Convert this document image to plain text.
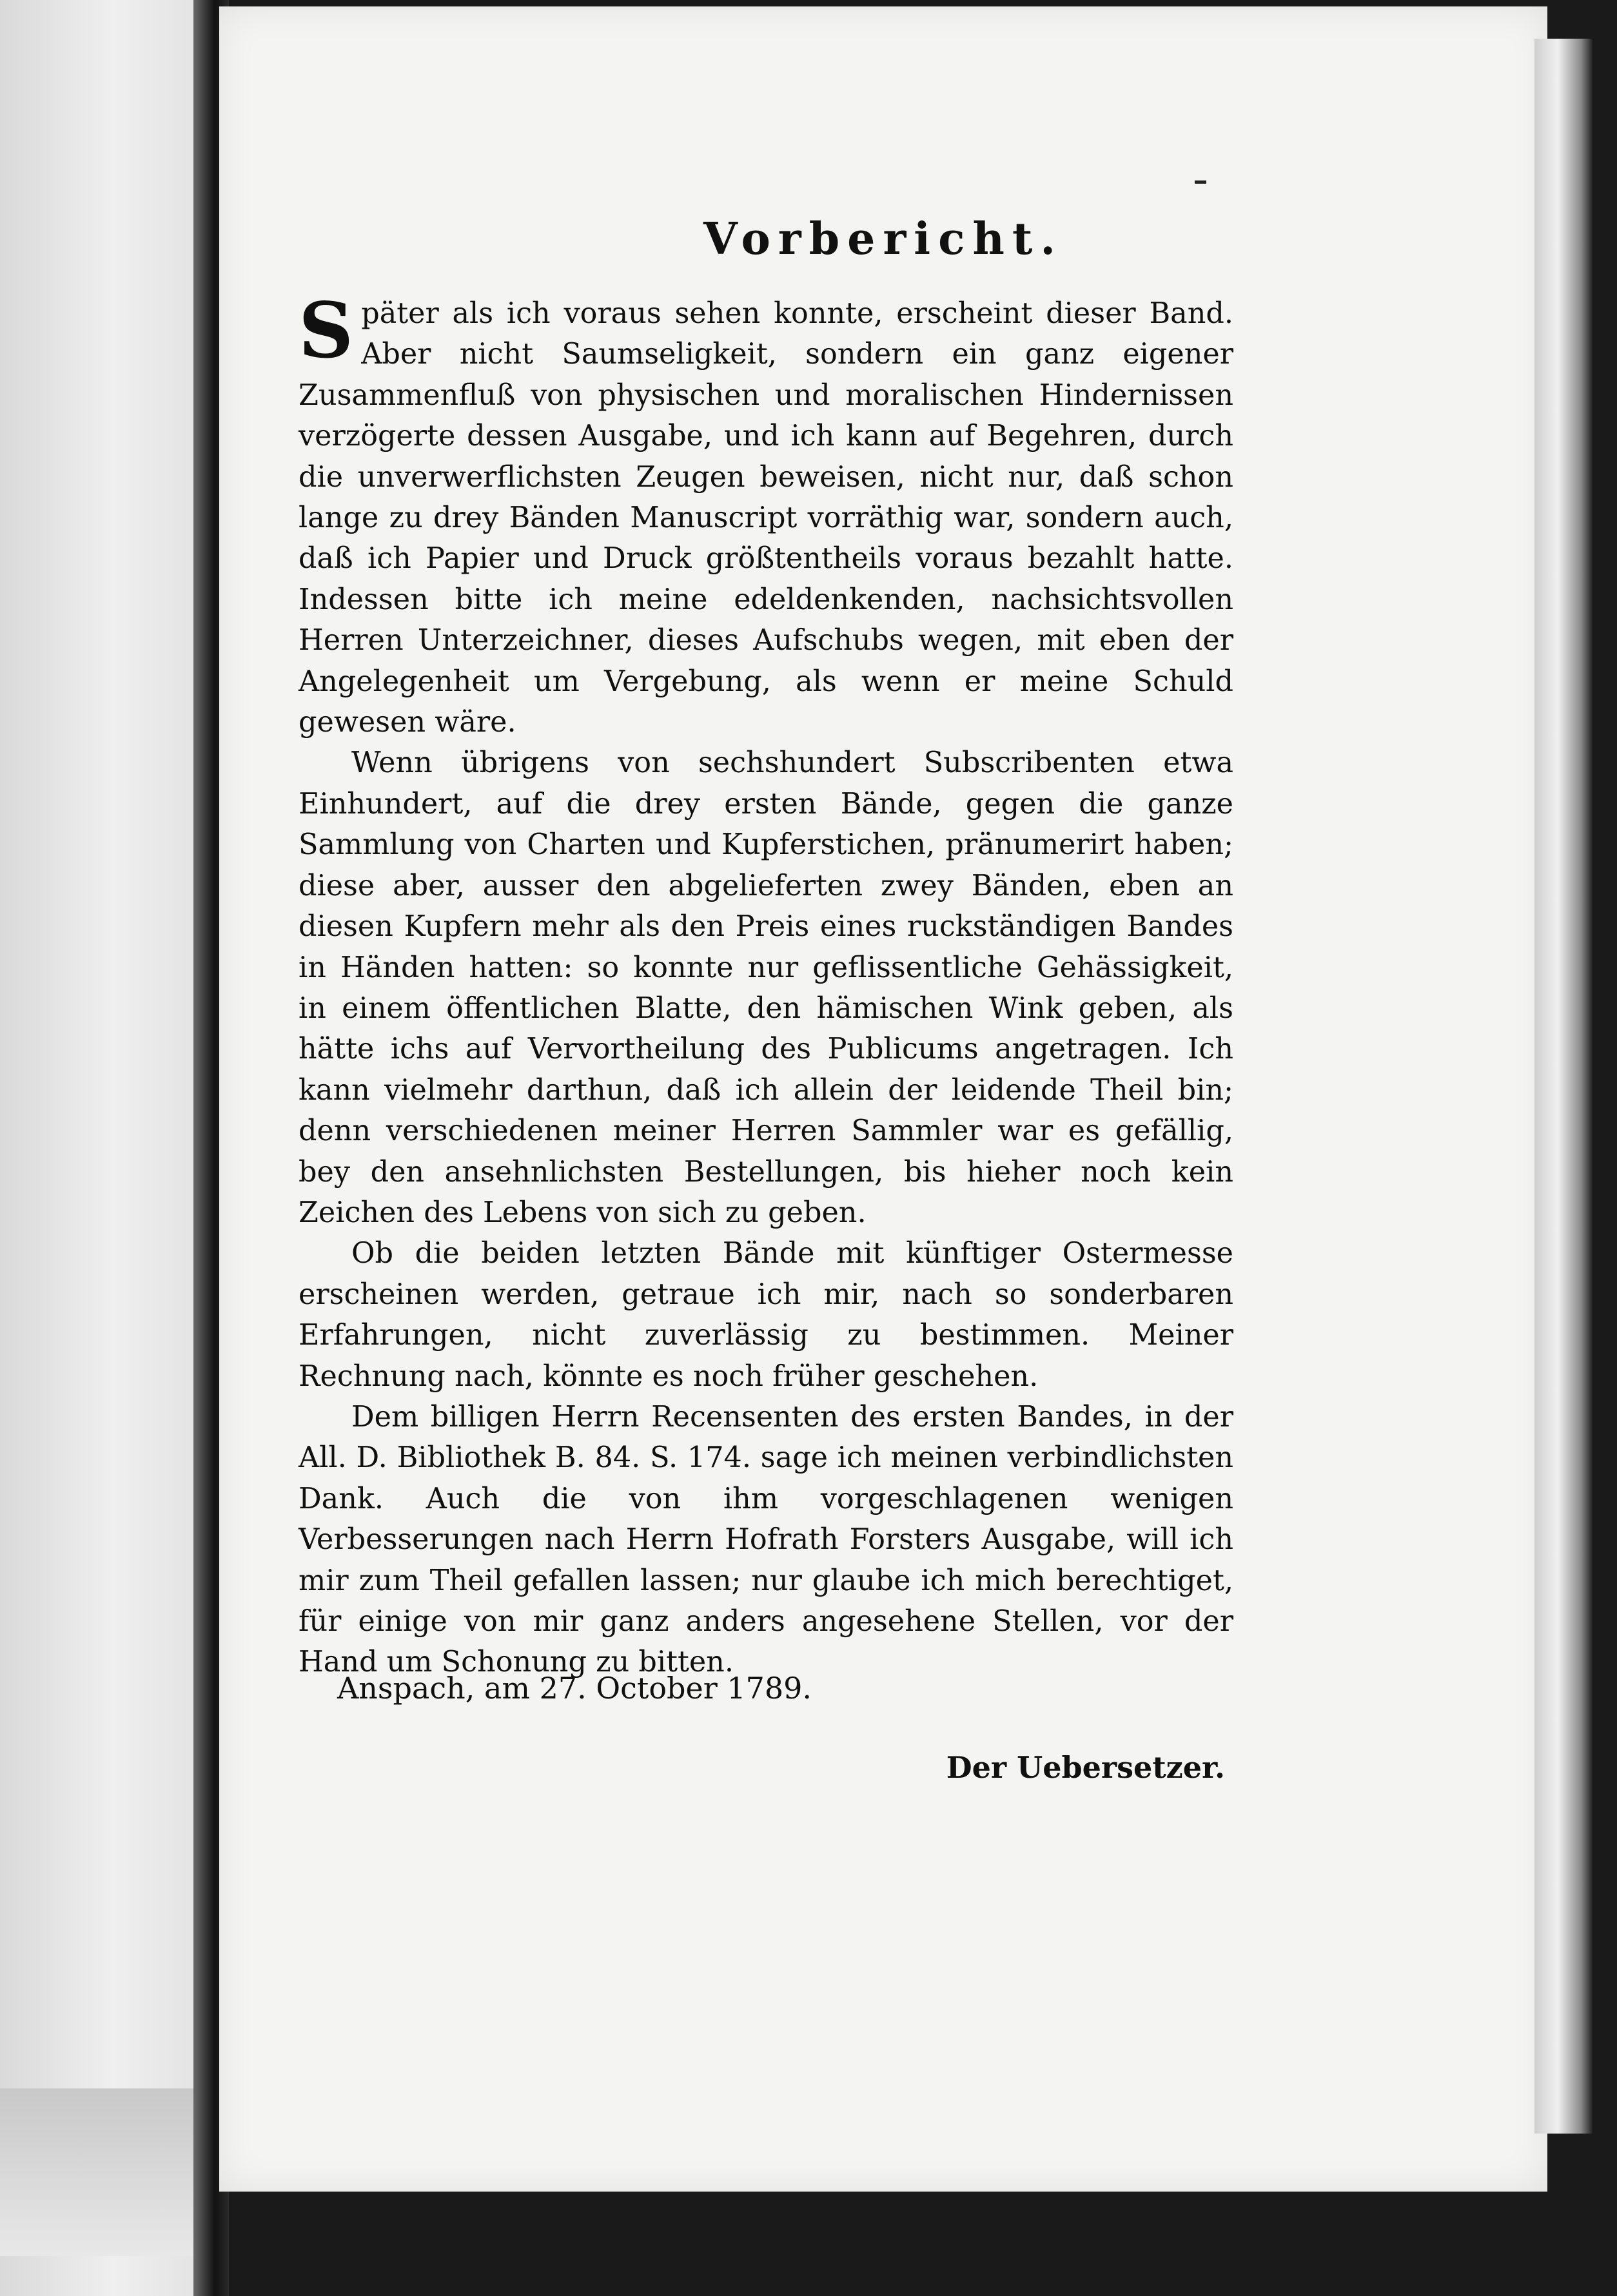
Vorbericht.

S päter als ich voraus sehen konnte, erscheint dieser Band. Aber nicht Saumseligkeit, sondern ein ganz eigener Zusammenfluß von physischen und moralischen Hindernissen verzögerte dessen Ausgabe, und ich kann auf Begehren, durch die unverwerflichsten Zeugen beweisen, nicht nur, daß schon lange zu drey Bänden Manuscript vorräthig war, sondern auch, daß ich Papier und Druck größtentheils voraus bezahlt hatte. Indessen bitte ich meine edeldenkenden, nachsichtsvollen Herren Unterzeichner, dieses Aufschubs wegen, mit eben der Angelegenheit um Vergebung, als wenn er meine Schuld gewesen wäre.

Wenn übrigens von sechshundert Subscribenten etwa Einhundert, auf die drey ersten Bände, gegen die ganze Sammlung von Charten und Kupferstichen, pränumerirt haben; diese aber, ausser den abgelieferten zwey Bänden, eben an diesen Kupfern mehr als den Preis eines ruckständigen Bandes in Händen hatten: so konnte nur geflissentliche Gehässigkeit, in einem öffentlichen Blatte, den hämischen Wink geben, als hätte ichs auf Vervortheilung des Publicums angetragen. Ich kann vielmehr darthun, daß ich allein der leidende Theil bin; denn verschiedenen meiner Herren Sammler war es gefällig, bey den ansehnlichsten Bestellungen, bis hieher noch kein Zeichen des Lebens von sich zu geben.

Ob die beiden letzten Bände mit künftiger Ostermesse erscheinen werden, getraue ich mir, nach so sonderbaren Erfahrungen, nicht zuverlässig zu bestimmen. Meiner Rechnung nach, könnte es noch früher geschehen.

Dem billigen Herrn Recensenten des ersten Bandes, in der All. D. Bibliothek B. 84. S. 174. sage ich meinen verbindlichsten Dank. Auch die von ihm vorgeschlagenen wenigen Verbesserungen nach Herrn Hofrath Forsters Ausgabe, will ich mir zum Theil gefallen lassen; nur glaube ich mich berechtiget, für einige von mir ganz anders angesehene Stellen, vor der Hand um Schonung zu bitten.

Anspach, am 27. October 1789.
Der Uebersetzer.
